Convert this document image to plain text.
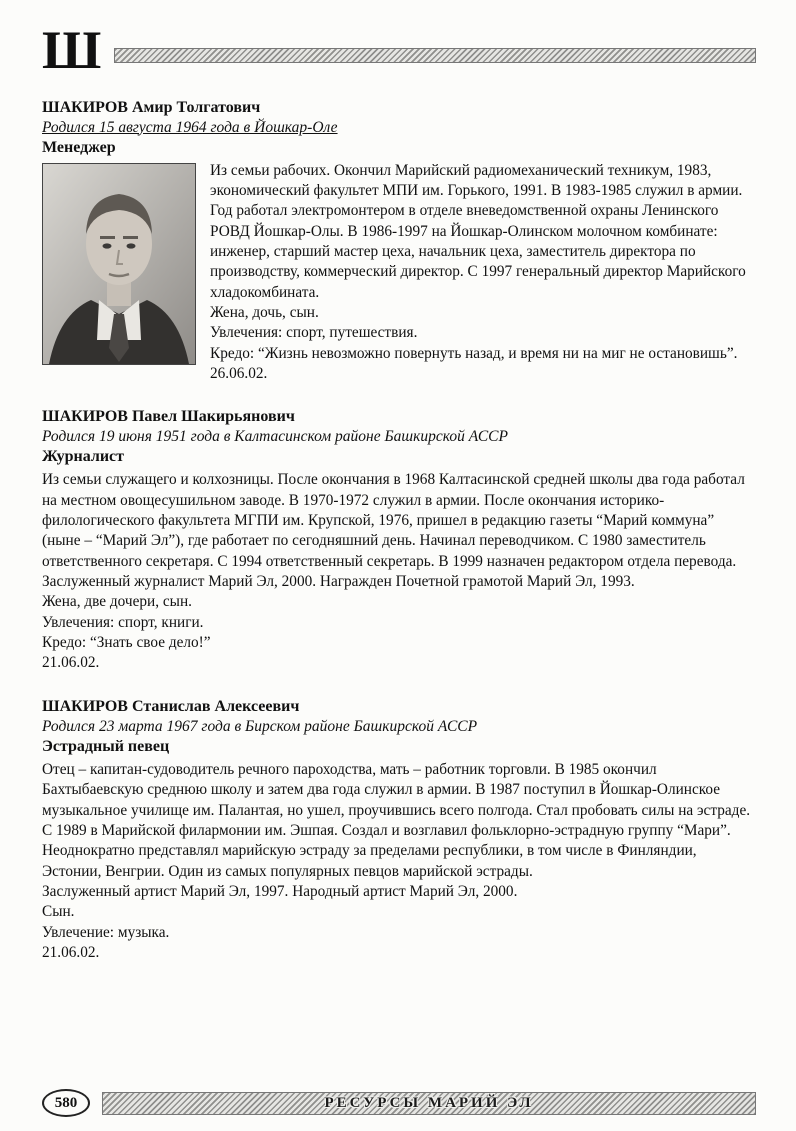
Ш

ШАКИРОВ Амир Толгатович

Родился 15 августа 1964 года в Йошкар-Оле

Менеджер

Из семьи рабочих. Окончил Марийский радиомеханический техникум, 1983, экономический факультет МПИ им. Горького, 1991. В 1983-1985 служил в армии. Год работал электромонтером в отделе вневедомственной охраны Ленинского РОВД Йошкар-Олы. В 1986-1997 на Йошкар-Олинском молочном комбинате: инженер, старший мастер цеха, начальник цеха, заместитель директора по производству, коммерческий директор. С 1997 генеральный директор Марийского хладокомбината.

Жена, дочь, сын.

Увлечения: спорт, путешествия.

Кредо: “Жизнь невозможно повернуть назад, и время ни на миг не остановишь”.

26.06.02.

ШАКИРОВ Павел Шакирьянович

Родился 19 июня 1951 года в Калтасинском районе Башкирской АССР

Журналист

Из семьи служащего и колхозницы. После окончания в 1968 Калтасинской средней школы два года работал на местном овощесушильном заводе. В 1970-1972 служил в армии. После окончания историко-филологического факультета МГПИ им. Крупской, 1976, пришел в редакцию газеты “Марий коммуна” (ныне – “Марий Эл”), где работает по сегодняшний день. Начинал переводчиком. С 1980 заместитель ответственного секретаря. С 1994 ответственный секретарь. В 1999 назначен редактором отдела перевода.

Заслуженный журналист Марий Эл, 2000. Награжден Почетной грамотой Марий Эл, 1993.

Жена, две дочери, сын.

Увлечения: спорт, книги.

Кредо: “Знать свое дело!”

21.06.02.

ШАКИРОВ Станислав Алексеевич

Родился 23 марта 1967 года в Бирском районе Башкирской АССР

Эстрадный певец

Отец – капитан-судоводитель речного пароходства, мать – работник торговли. В 1985 окончил Бахтыбаевскую среднюю школу и затем два года служил в армии. В 1987 поступил в Йошкар-Олинское музыкальное училище им. Палантая, но ушел, проучившись всего полгода. Стал пробовать силы на эстраде. С 1989 в Марийской филармонии им. Эшпая. Создал и возглавил фольклорно-эстрадную группу “Мари”. Неоднократно представлял марийскую эстраду за пределами республики, в том числе в Финляндии, Эстонии, Венгрии. Один из самых популярных певцов марийской эстрады.

Заслуженный артист Марий Эл, 1997. Народный артист Марий Эл, 2000.

Сын.

Увлечение: музыка.

21.06.02.

580	РЕСУРСЫ МАРИЙ ЭЛ
